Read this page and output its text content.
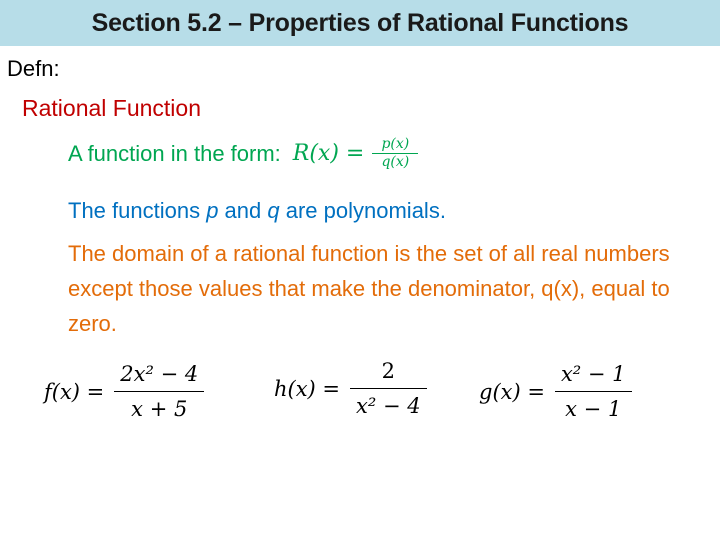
Section 5.2 – Properties of Rational Functions
Defn:
Rational Function
A function in the form: $R(x) = \frac{p(x)}{q(x)}$
The functions p and q are polynomials.
The domain of a rational function is the set of all real numbers except those values that make the denominator, q(x), equal to zero.
$f(x) = \frac{\text{2x² − 4}}{x + 5}$	$h(x) = \frac{2}{\text{x² − 4}} g(x) = \frac{\text{x² − 1}}{x - 1}$
